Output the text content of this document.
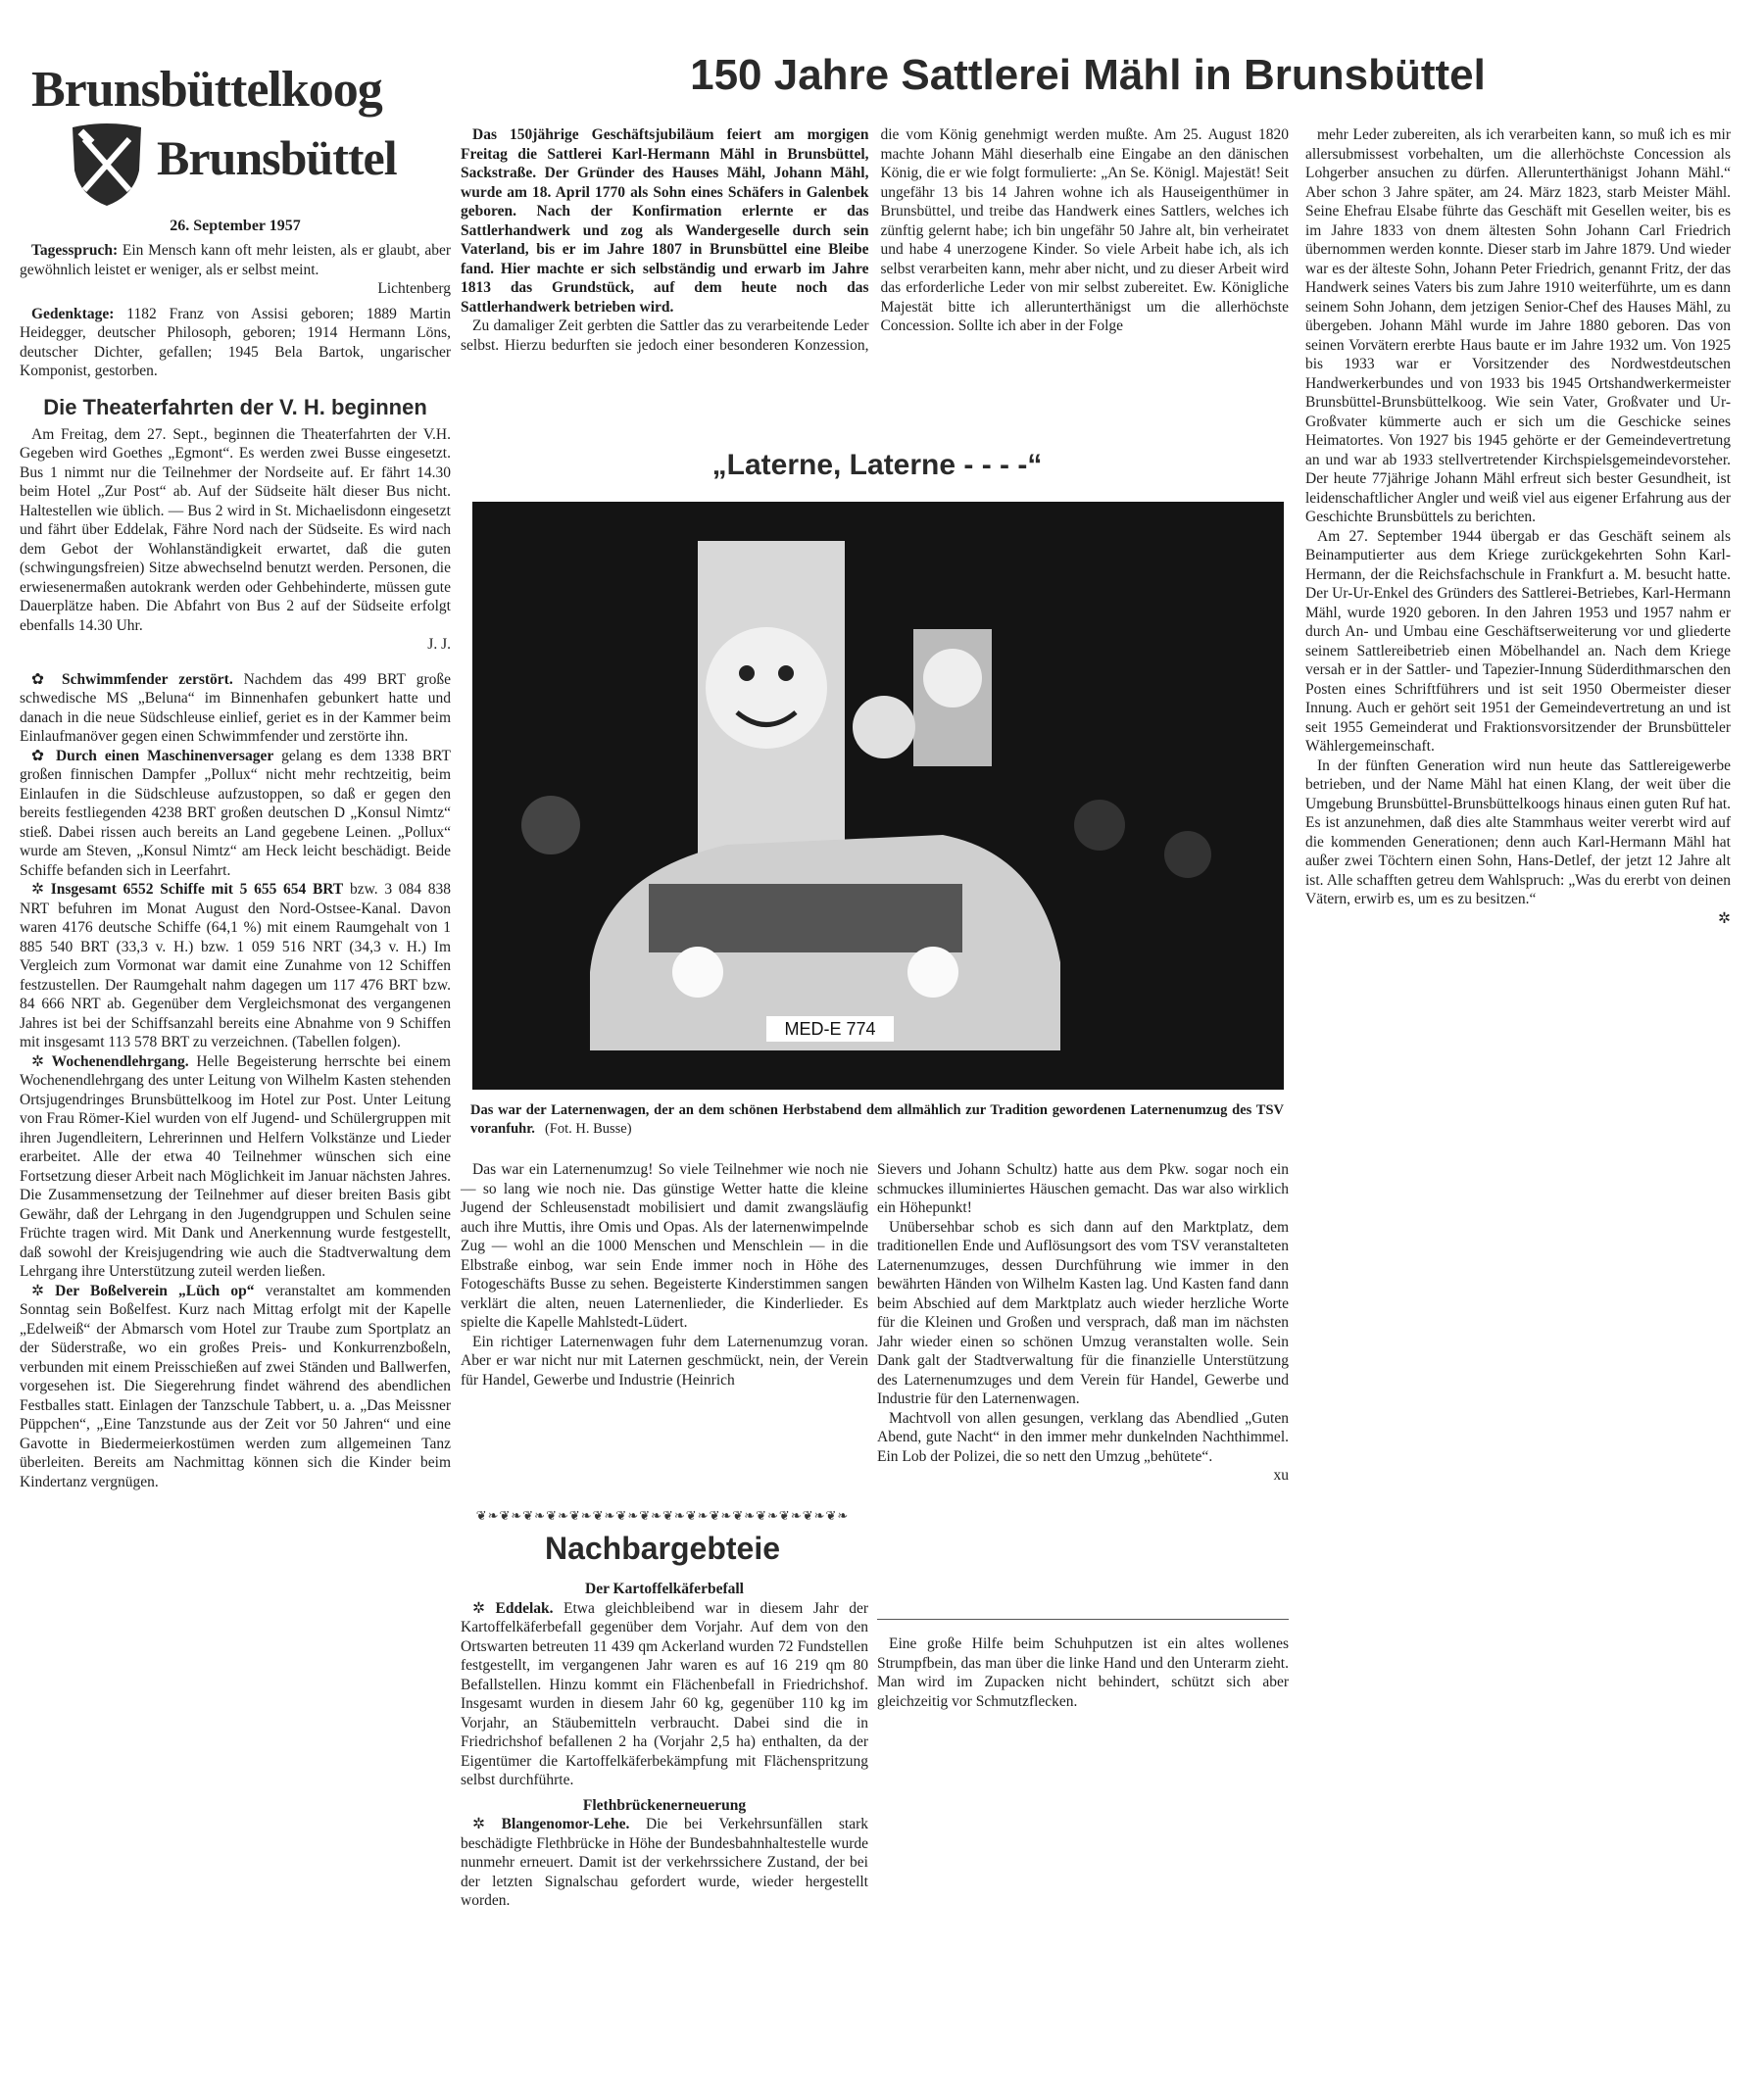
Brunsbüttelkoog
Brunsbüttel
26. September 1957

Tagesspruch: Ein Mensch kann oft mehr leisten, als er glaubt, aber gewöhnlich leistet er weniger, als er selbst meint.

Lichtenberg

Gedenktage: 1182 Franz von Assisi geboren; 1889 Martin Heidegger, deutscher Philosoph, geboren; 1914 Hermann Löns, deutscher Dichter, gefallen; 1945 Bela Bartok, ungarischer Komponist, gestorben.

Die Theaterfahrten der V. H. beginnen

Am Freitag, dem 27. Sept., beginnen die Theaterfahrten der V.H. Gegeben wird Goethes „Egmont“. Es werden zwei Busse eingesetzt. Bus 1 nimmt nur die Teilnehmer der Nordseite auf. Er fährt 14.30 beim Hotel „Zur Post“ ab. Auf der Südseite hält dieser Bus nicht. Haltestellen wie üblich. — Bus 2 wird in St. Michaelisdonn eingesetzt und fährt über Eddelak, Fähre Nord nach der Südseite. Es wird nach dem Gebot der Wohlanständigkeit erwartet, daß die guten (schwingungsfreien) Sitze abwechselnd benutzt werden. Personen, die erwiesenermaßen autokrank werden oder Gehbehinderte, müssen gute Dauerplätze haben. Die Abfahrt von Bus 2 auf der Südseite erfolgt ebenfalls 14.30 Uhr.

J. J.

✿ Schwimmfender zerstört. Nachdem das 499 BRT große schwedische MS „Beluna“ im Binnenhafen gebunkert hatte und danach in die neue Südschleuse einlief, geriet es in der Kammer beim Einlaufmanöver gegen einen Schwimmfender und zerstörte ihn.

✿ Durch einen Maschinenversager gelang es dem 1338 BRT großen finnischen Dampfer „Pollux“ nicht mehr rechtzeitig, beim Einlaufen in die Südschleuse aufzustoppen, so daß er gegen den bereits festliegenden 4238 BRT großen deutschen D „Konsul Nimtz“ stieß. Dabei rissen auch bereits an Land gegebene Leinen. „Pollux“ wurde am Steven, „Konsul Nimtz“ am Heck leicht beschädigt. Beide Schiffe befanden sich in Leerfahrt.

✲ Insgesamt 6552 Schiffe mit 5 655 654 BRT bzw. 3 084 838 NRT befuhren im Monat August den Nord-Ostsee-Kanal. Davon waren 4176 deutsche Schiffe (64,1 %) mit einem Raumgehalt von 1 885 540 BRT (33,3 v. H.) bzw. 1 059 516 NRT (34,3 v. H.) Im Vergleich zum Vormonat war damit eine Zunahme von 12 Schiffen festzustellen. Der Raumgehalt nahm dagegen um 117 476 BRT bzw. 84 666 NRT ab. Gegenüber dem Vergleichsmonat des vergangenen Jahres ist bei der Schiffsanzahl bereits eine Abnahme von 9 Schiffen mit insgesamt 113 578 BRT zu verzeichnen. (Tabellen folgen).

✲ Wochenendlehrgang. Helle Begeisterung herrschte bei einem Wochenendlehrgang des unter Leitung von Wilhelm Kasten stehenden Ortsjugendringes Brunsbüttelkoog im Hotel zur Post. Unter Leitung von Frau Römer-Kiel wurden von elf Jugend- und Schülergruppen mit ihren Jugendleitern, Lehrerinnen und Helfern Volkstänze und Lieder erarbeitet. Alle der etwa 40 Teilnehmer wünschen sich eine Fortsetzung dieser Arbeit nach Möglichkeit im Januar nächsten Jahres. Die Zusammensetzung der Teilnehmer auf dieser breiten Basis gibt Gewähr, daß der Lehrgang in den Jugendgruppen und Schulen seine Früchte tragen wird. Mit Dank und Anerkennung wurde festgestellt, daß sowohl der Kreisjugendring wie auch die Stadtverwaltung dem Lehrgang ihre Unterstützung zuteil werden ließen.

✲ Der Boßelverein „Lüch op“ veranstaltet am kommenden Sonntag sein Boßelfest. Kurz nach Mittag erfolgt mit der Kapelle „Edelweiß“ der Abmarsch vom Hotel zur Traube zum Sportplatz an der Süderstraße, wo ein großes Preis- und Konkurrenzboßeln, verbunden mit einem Preisschießen auf zwei Ständen und Ballwerfen, vorgesehen ist. Die Siegerehrung findet während des abendlichen Festballes statt. Einlagen der Tanzschule Tabbert, u. a. „Das Meissner Püppchen“, „Eine Tanzstunde aus der Zeit vor 50 Jahren“ und eine Gavotte in Biedermeierkostümen werden zum allgemeinen Tanz überleiten. Bereits am Nachmittag können sich die Kinder beim Kindertanz vergnügen.

150 Jahre Sattlerei Mähl in Brunsbüttel

Das 150jährige Geschäftsjubiläum feiert am morgigen Freitag die Sattlerei Karl-Hermann Mähl in Brunsbüttel, Sackstraße. Der Gründer des Hauses Mähl, Johann Mähl, wurde am 18. April 1770 als Sohn eines Schäfers in Galenbek geboren. Nach der Konfirmation erlernte er das Sattlerhandwerk und zog als Wandergeselle durch sein Vaterland, bis er im Jahre 1807 in Brunsbüttel eine Bleibe fand. Hier machte er sich selbständig und erwarb im Jahre 1813 das Grundstück, auf dem heute noch das Sattlerhandwerk betrieben wird.

Zu damaliger Zeit gerbten die Sattler das zu verarbeitende Leder selbst. Hierzu bedurften sie jedoch einer besonderen Konzession, die vom König genehmigt werden mußte. Am 25. August 1820 machte Johann Mähl dieserhalb eine Eingabe an den dänischen König, die er wie folgt formulierte: „An Se. Königl. Majestät! Seit ungefähr 13 bis 14 Jahren wohne ich als Hauseigenthümer in Brunsbüttel, und treibe das Handwerk eines Sattlers, welches ich zünftig gelernt habe; ich bin ungefähr 50 Jahre alt, bin verheiratet und habe 4 unerzogene Kinder. So viele Arbeit habe ich, als ich selbst verarbeiten kann, mehr aber nicht, und zu dieser Arbeit wird das erforderliche Leder von mir selbst zubereitet. Ew. Königliche Majestät bitte ich allerunterthänigst um die allerhöchste Concession. Sollte ich aber in der Folge

mehr Leder zubereiten, als ich verarbeiten kann, so muß ich es mir allersubmissest vorbehalten, um die allerhöchste Concession als Lohgerber ansuchen zu dürfen. Allerunterthänigst Johann Mähl.“ Aber schon 3 Jahre später, am 24. März 1823, starb Meister Mähl. Seine Ehefrau Elsabe führte das Geschäft mit Gesellen weiter, bis es im Jahre 1833 von dnem ältesten Sohn Johann Carl Friedrich übernommen werden konnte. Dieser starb im Jahre 1879. Und wieder war es der älteste Sohn, Johann Peter Friedrich, genannt Fritz, der das Handwerk seines Vaters bis zum Jahre 1910 weiterführte, um es dann seinem Sohn Johann, dem jetzigen Senior-Chef des Hauses Mähl, zu übergeben. Johann Mähl wurde im Jahre 1880 geboren. Das von seinen Vorvätern ererbte Haus baute er im Jahre 1932 um. Von 1925 bis 1933 war er Vorsitzender des Nordwestdeutschen Handwerkerbundes und von 1933 bis 1945 Ortshandwerkermeister Brunsbüttel-Brunsbüttelkoog. Wie sein Vater, Großvater und Ur-Großvater kümmerte auch er sich um die Geschicke seines Heimatortes. Von 1927 bis 1945 gehörte er der Gemeindevertretung an und war ab 1933 stellvertretender Kirchspielsgemeindevorsteher. Der heute 77jährige Johann Mähl erfreut sich bester Gesundheit, ist leidenschaftlicher Angler und weiß viel aus eigener Erfahrung aus der Geschichte Brunsbüttels zu berichten.

Am 27. September 1944 übergab er das Geschäft seinem als Beinamputierter aus dem Kriege zurückgekehrten Sohn Karl-Hermann, der die Reichsfachschule in Frankfurt a. M. besucht hatte. Der Ur-Ur-Enkel des Gründers des Sattlerei-Betriebes, Karl-Hermann Mähl, wurde 1920 geboren. In den Jahren 1953 und 1957 nahm er durch An- und Umbau eine Geschäftserweiterung vor und gliederte seinem Sattlereibetrieb einen Möbelhandel an. Nach dem Kriege versah er in der Sattler- und Tapezier-Innung Süderdithmarschen den Posten eines Schriftführers und ist seit 1950 Obermeister dieser Innung. Auch er gehört seit 1951 der Gemeindevertretung an und ist seit 1955 Gemeinderat und Fraktionsvorsitzender der Brunsbütteler Wählergemeinschaft.

In der fünften Generation wird nun heute das Sattlereigewerbe betrieben, und der Name Mähl hat einen Klang, der weit über die Umgebung Brunsbüttel-Brunsbüttelkoogs hinaus einen guten Ruf hat. Es ist anzunehmen, daß dies alte Stammhaus weiter vererbt wird auf die kommenden Generationen; denn auch Karl-Hermann Mähl hat außer zwei Töchtern einen Sohn, Hans-Detlef, der jetzt 12 Jahre alt ist. Alle schafften getreu dem Wahlspruch: „Was du ererbt von deinen Vätern, erwirb es, um es zu besitzen.“

✲

„Laterne, Laterne - - - -“
MED-E 774
Das war der Laternenwagen, der an dem schönen Herbstabend dem allmählich zur Tradition gewordenen Laternenumzug des TSV voranfuhr. (Fot. H. Busse)

Das war ein Laternenumzug! So viele Teilnehmer wie noch nie — so lang wie noch nie. Das günstige Wetter hatte die kleine Jugend der Schleusenstadt mobilisiert und damit zwangsläufig auch ihre Muttis, ihre Omis und Opas. Als der laternenwimpelnde Zug — wohl an die 1000 Menschen und Menschlein — in die Elbstraße einbog, war sein Ende immer noch in Höhe des Fotogeschäfts Busse zu sehen. Begeisterte Kinderstimmen sangen verklärt die alten, neuen Laternenlieder, die Kinderlieder. Es spielte die Kapelle Mahlstedt-Lüdert.

Ein richtiger Laternenwagen fuhr dem Laternenumzug voran. Aber er war nicht nur mit Laternen geschmückt, nein, der Verein für Handel, Gewerbe und Industrie (Heinrich

Sievers und Johann Schultz) hatte aus dem Pkw. sogar noch ein schmuckes illuminiertes Häuschen gemacht. Das war also wirklich ein Höhepunkt!

Unübersehbar schob es sich dann auf den Marktplatz, dem traditionellen Ende und Auflösungsort des vom TSV veranstalteten Laternenumzuges, dessen Durchführung wie immer in den bewährten Händen von Wilhelm Kasten lag. Und Kasten fand dann beim Abschied auf dem Marktplatz auch wieder herzliche Worte für die Kleinen und Großen und versprach, daß man im nächsten Jahr wieder einen so schönen Umzug veranstalten wolle. Sein Dank galt der Stadtverwaltung für die finanzielle Unterstützung des Laternenumzuges und dem Verein für Handel, Gewerbe und Industrie für den Laternenwagen.

Machtvoll von allen gesungen, verklang das Abendlied „Guten Abend, gute Nacht“ in den immer mehr dunkelnden Nachthimmel. Ein Lob der Polizei, die so nett den Umzug „behütete“.

xu

❦❧❦❧❦❧❦❧❦❧❦❧❦❧❦❧❦❧❦❧❦❧❦❧❦❧❦❧❦❧❦❧
Nachbargebteie

Der Kartoffelkäferbefall

✲ Eddelak. Etwa gleichbleibend war in diesem Jahr der Kartoffelkäferbefall gegenüber dem Vorjahr. Auf dem von den Ortswarten betreuten 11 439 qm Ackerland wurden 72 Fundstellen festgestellt, im vergangenen Jahr waren es auf 16 219 qm 80 Befallstellen. Hinzu kommt ein Flächenbefall in Friedrichshof. Insgesamt wurden in diesem Jahr 60 kg, gegenüber 110 kg im Vorjahr, an Stäubemitteln verbraucht. Dabei sind die in Friedrichshof befallenen 2 ha (Vorjahr 2,5 ha) enthalten, da der Eigentümer die Kartoffelkäferbekämpfung mit Flächenspritzung selbst durchführte.

Flethbrückenerneuerung

✲ Blangenomor-Lehe. Die bei Verkehrsunfällen stark beschädigte Flethbrücke in Höhe der Bundesbahnhaltestelle wurde nunmehr erneuert. Damit ist der verkehrssichere Zustand, der bei der letzten Signalschau gefordert wurde, wieder hergestellt worden.

Eine große Hilfe beim Schuhputzen ist ein altes wollenes Strumpfbein, das man über die linke Hand und den Unterarm zieht. Man wird im Zupacken nicht behindert, schützt sich aber gleichzeitig vor Schmutzflecken.
